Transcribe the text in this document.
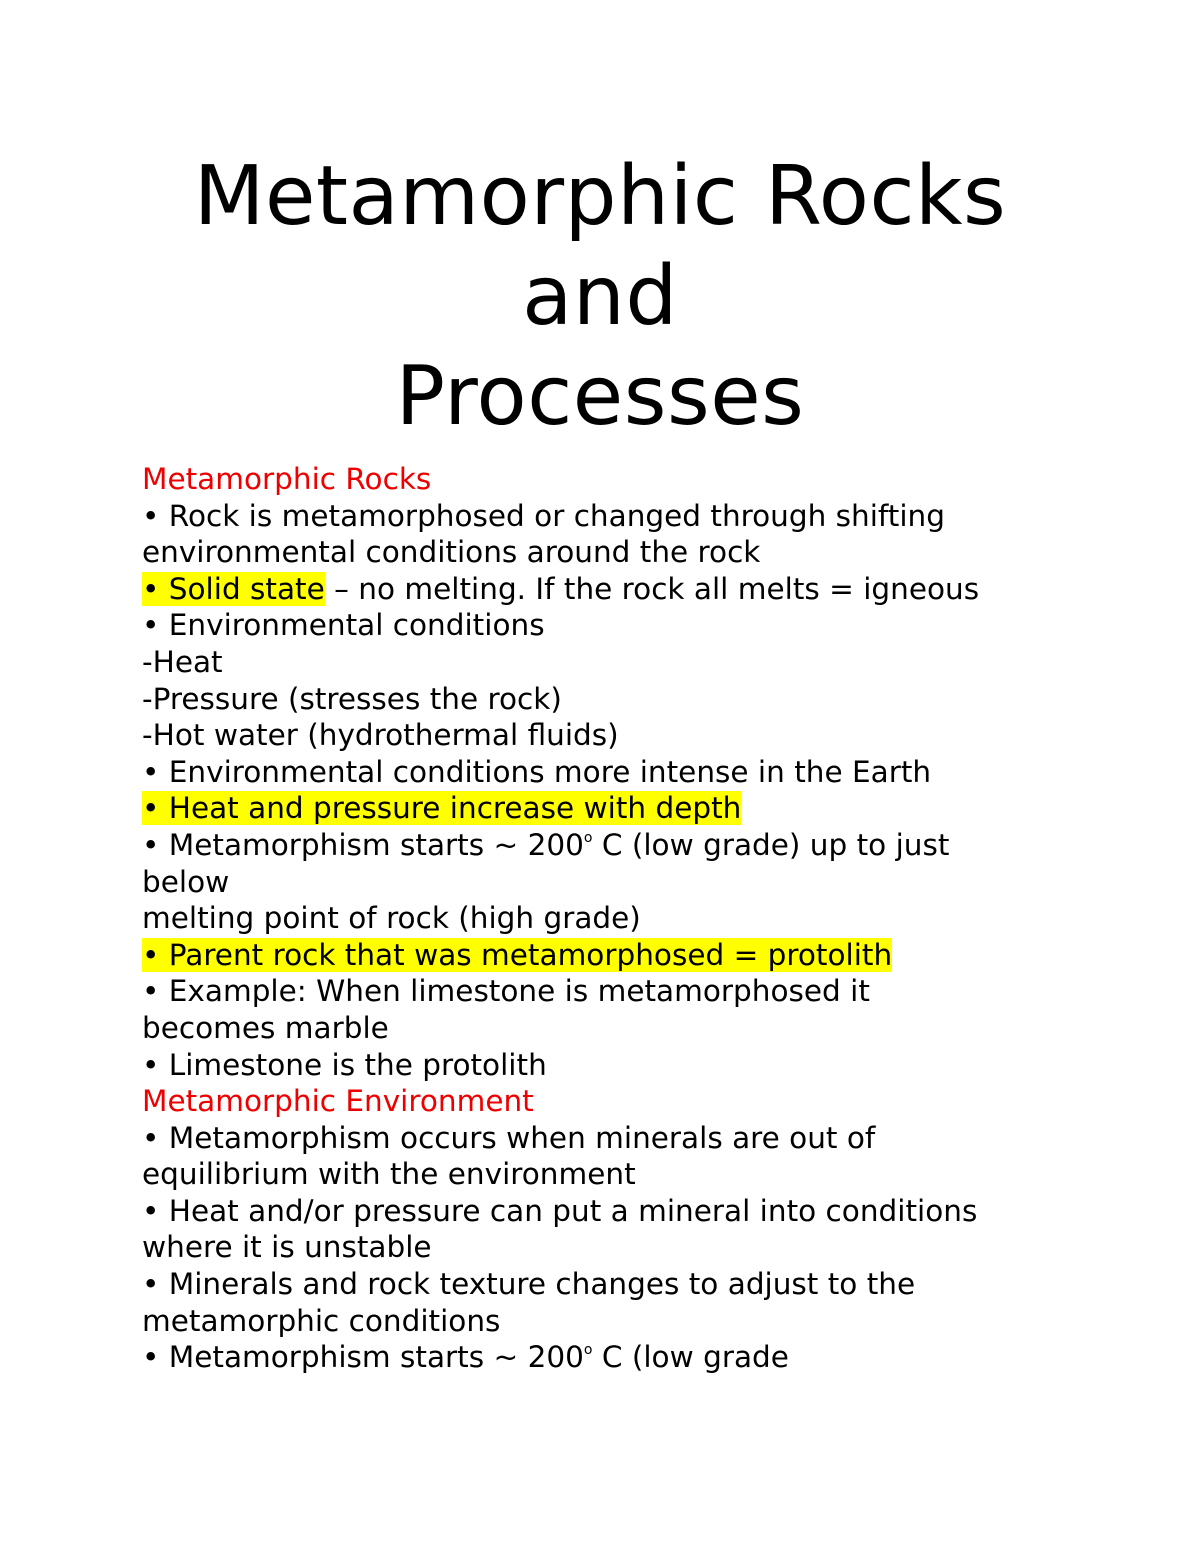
Metamorphic Rocks
and
Processes
Metamorphic Rocks
• Rock is metamorphosed or changed through shifting
environmental conditions around the rock
• Solid state – no melting. If the rock all melts = igneous
• Environmental conditions
-Heat
-Pressure (stresses the rock)
-Hot water (hydrothermal fluids)
• Environmental conditions more intense in the Earth
• Heat and pressure increase with depth
• Metamorphism starts ~ 200$^o$ C (low grade) up to just
below
melting point of rock (high grade)
• Parent rock that was metamorphosed = protolith
• Example: When limestone is metamorphosed it
becomes marble
• Limestone is the protolith
Metamorphic Environment
• Metamorphism occurs when minerals are out of
equilibrium with the environment
• Heat and/or pressure can put a mineral into conditions
where it is unstable
• Minerals and rock texture changes to adjust to the
metamorphic conditions
• Metamorphism starts ~ 200$^o$ C (low grade
